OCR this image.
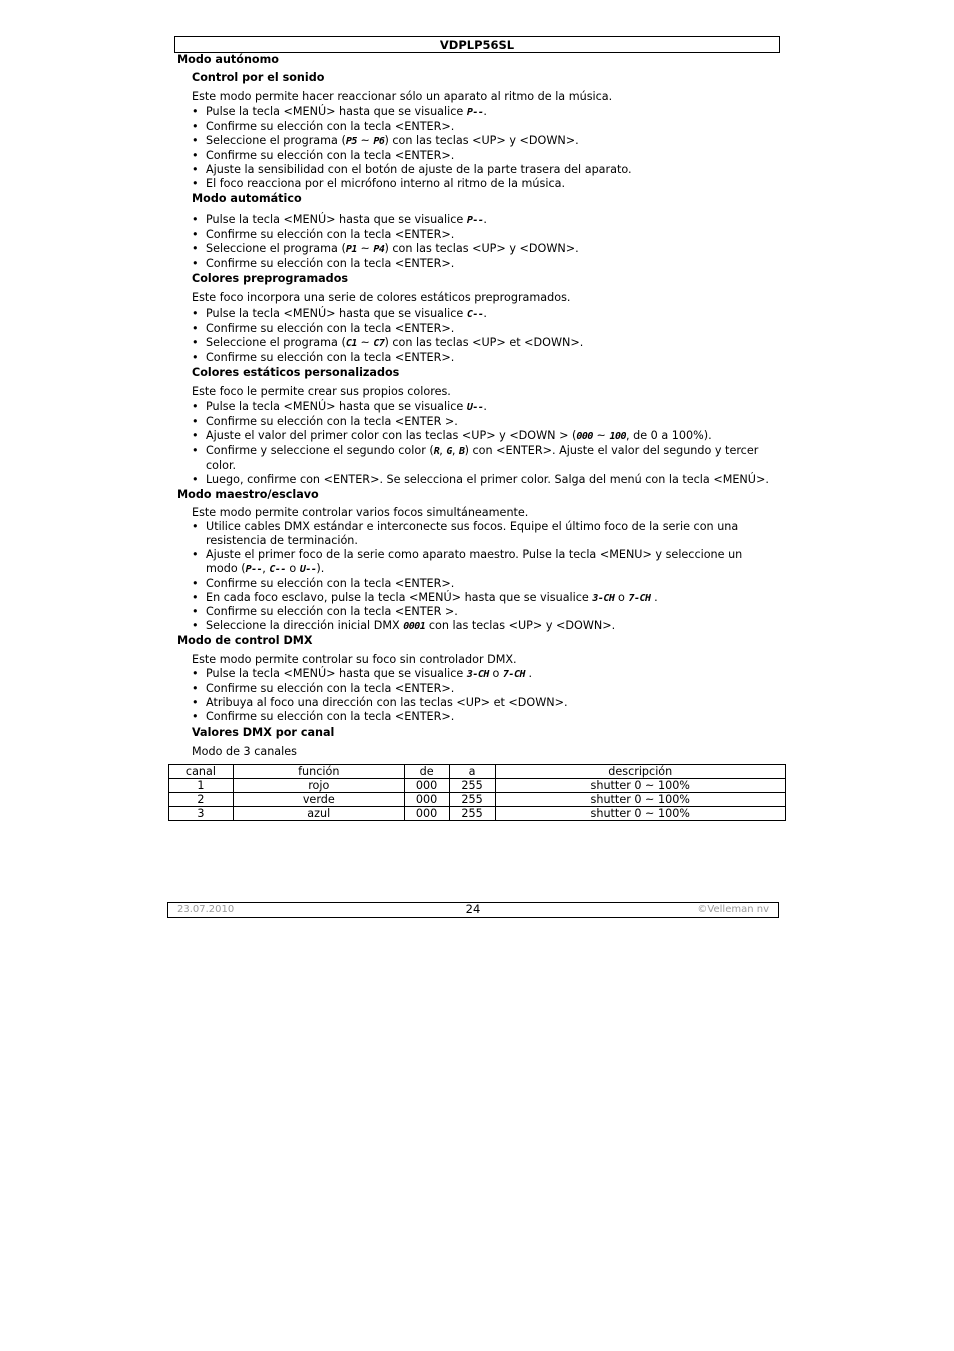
VDPLP56SL
Modo autónomo
Control por el sonido
Este modo permite hacer reaccionar sólo un aparato al ritmo de la música.
• Pulse la tecla <MENÚ> hasta que se visualice P--.
• Confirme su elección con la tecla <ENTER>.
• Seleccione el programa (P5 ~ P6) con las teclas <UP> y <DOWN>.
• Confirme su elección con la tecla <ENTER>.
• Ajuste la sensibilidad con el botón de ajuste de la parte trasera del aparato.
• El foco reacciona por el micrófono interno al ritmo de la música.
Modo automático
• Pulse la tecla <MENÚ> hasta que se visualice P--.
• Confirme su elección con la tecla <ENTER>.
• Seleccione el programa (P1 ~ P4) con las teclas <UP> y <DOWN>.
• Confirme su elección con la tecla <ENTER>.
Colores preprogramados
Este foco incorpora una serie de colores estáticos preprogramados.
• Pulse la tecla <MENÚ> hasta que se visualice C--.
• Confirme su elección con la tecla <ENTER>.
• Seleccione el programa (C1 ~ C7) con las teclas <UP> et <DOWN>.
• Confirme su elección con la tecla <ENTER>.
Colores estáticos personalizados
Este foco le permite crear sus propios colores.
• Pulse la tecla <MENÚ> hasta que se visualice U--.
• Confirme su elección con la tecla <ENTER >.
• Ajuste el valor del primer color con las teclas <UP> y <DOWN > (000 ~ 100, de 0 a 100%).
• Confirme y seleccione el segundo color (R, G, B) con <ENTER>. Ajuste el valor del segundo y tercer
color.
• Luego, confirme con <ENTER>. Se selecciona el primer color. Salga del menú con la tecla <MENÚ>.
Modo maestro/esclavo
Este modo permite controlar varios focos simultáneamente.
• Utilice cables DMX estándar e interconecte sus focos. Equipe el último foco de la serie con una
resistencia de terminación.
• Ajuste el primer foco de la serie como aparato maestro. Pulse la tecla <MENU> y seleccione un
modo (P--, C-- o U--).
• Confirme su elección con la tecla <ENTER>.
• En cada foco esclavo, pulse la tecla <MENÚ> hasta que se visualice 3-CH o 7-CH .
• Confirme su elección con la tecla <ENTER >.
• Seleccione la dirección inicial DMX 0001 con las teclas <UP> y <DOWN>.
Modo de control DMX
Este modo permite controlar su foco sin controlador DMX.
• Pulse la tecla <MENÚ> hasta que se visualice 3-CH o 7-CH .
• Confirme su elección con la tecla <ENTER>.
• Atribuya al foco una dirección con las teclas <UP> et <DOWN>.
• Confirme su elección con la tecla <ENTER>.
Valores DMX por canal
Modo de 3 canales
canal	función	de	a	descripción
1	rojo	000	255	shutter 0 ~ 100%
2	verde	000	255	shutter 0 ~ 100%
3	azul	000	255	shutter 0 ~ 100%
23.07.2010	24	©Velleman nv
